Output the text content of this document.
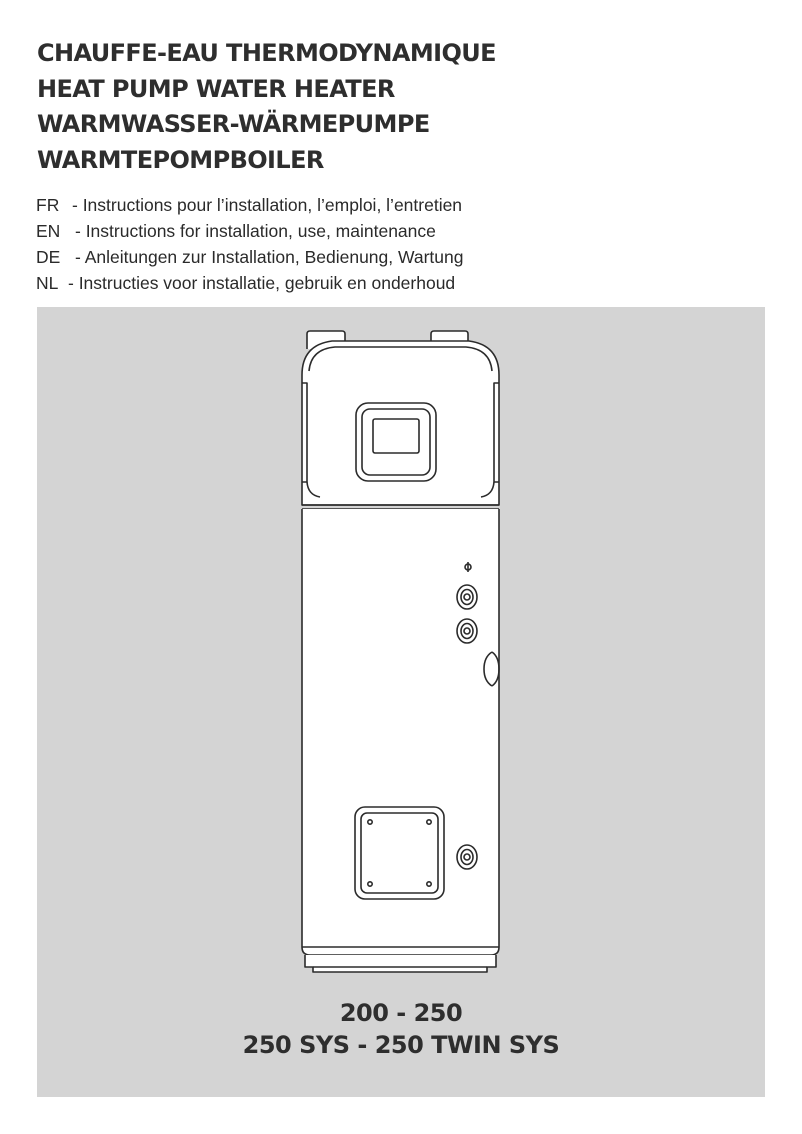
CHAUFFE-EAU THERMODYNAMIQUE
HEAT PUMP WATER HEATER
WARMWASSER-WÄRMEPUMPE
WARMTEPOMPBOILER
FR - Instructions pour l’installation, l’emploi, l’entretien
EN - Instructions for installation, use, maintenance
DE - Anleitungen zur Installation, Bedienung, Wartung
NL - Instructies voor installatie, gebruik en onderhoud
200 - 250
250 SYS - 250 TWIN SYS
